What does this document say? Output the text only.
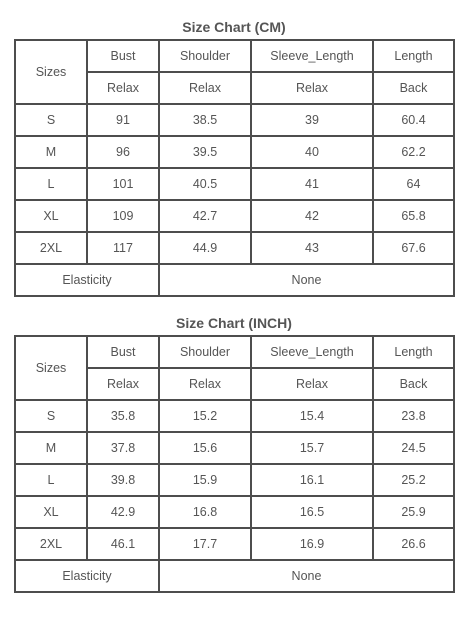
Size Chart (CM)
Sizes	Bust	Shoulder	Sleeve_Length	Length
	Relax	Relax	Relax	Back
S	91	38.5	39	60.4
M	96	39.5	40	62.2
L	101	40.5	41	64
XL	109	42.7	42	65.8
2XL	117	44.9	43	67.6
Elasticity		None		
Size Chart (INCH)
Sizes	Bust	Shoulder	Sleeve_Length	Length
	Relax	Relax	Relax	Back
S	35.8	15.2	15.4	23.8
M	37.8	15.6	15.7	24.5
L	39.8	15.9	16.1	25.2
XL	42.9	16.8	16.5	25.9
2XL	46.1	17.7	16.9	26.6
Elasticity		None		
